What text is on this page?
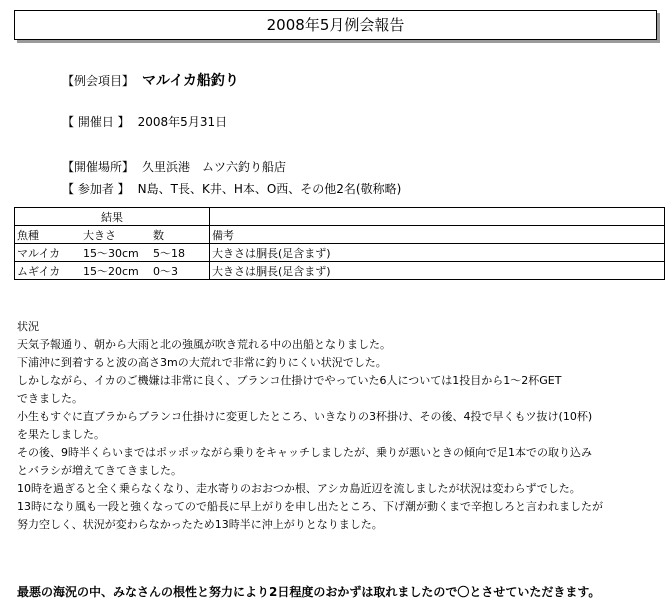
2008年5月例会報告
【例会項目】 マルイカ船釣り
【 開催日 】 2008年5月31日
【開催場所】 久里浜港　ムツ六釣り船店
【 参加者 】 N島、T長、K井、H本、O西、その他2名(敬称略)
結果	
魚種 大きさ 数	備考
マルイカ 15～30cm 5～18	大きさは胴長(足含まず)
ムギイカ 15～20cm 0～3	大きさは胴長(足含まず)

状況

天気予報通り、朝から大雨と北の強風が吹き荒れる中の出船となりました。

下浦沖に到着すると波の高さ3mの大荒れで非常に釣りにくい状況でした。

しかしながら、イカのご機嫌は非常に良く、ブランコ仕掛けでやっていた6人については1投目から1～2杯GET

できました。

小生もすぐに直ブラからブランコ仕掛けに変更したところ、いきなりの3杯掛け、その後、4投で早くもツ抜け(10杯)

を果たしました。

その後、9時半くらいまではポッポッながら乗りをキャッチしましたが、乗りが悪いときの傾向で足1本での取り込み

とバラシが増えてきてきました。

10時を過ぎると全く乗らなくなり、走水寄りのおおつか根、アシカ島近辺を流しましたが状況は変わらずでした。

13時になり風も一段と強くなってので船長に早上がりを申し出たところ、下げ潮が動くまで辛抱しろと言われましたが

努力空しく、状況が変わらなかったため13時半に沖上がりとなりました。

最悪の海況の中、みなさんの根性と努力により2日程度のおかずは取れましたので〇とさせていただきます。
